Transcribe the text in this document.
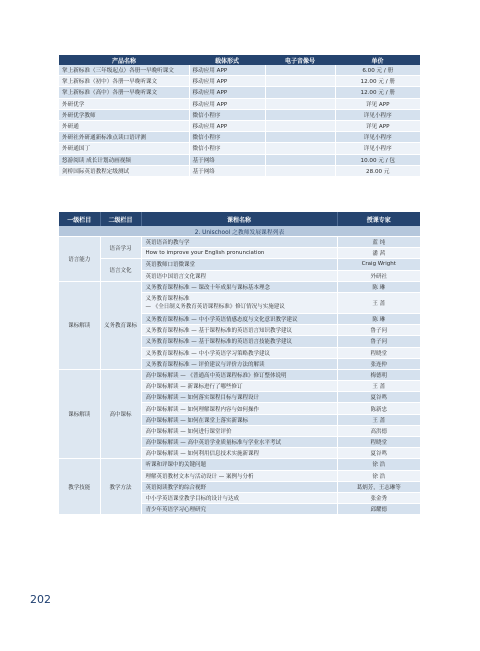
产品名称	载体形式	电子音像号	单价
掌上新标准（三年级起点）各册一早晚听课文	移动应用 APP		6.00 元 / 册
掌上新标准（初中）各册一早晚听课文	移动应用 APP		12.00 元 / 册
掌上新标准（高中）各册一早晚听课文	移动应用 APP		12.00 元 / 册
外研优学	移动应用 APP		详见 APP
外研优学教师	微信小程序		详见小程序
外研通	移动应用 APP		详见 APP
外研社外研通新标准点读口语评测	微信小程序		详见小程序
外研通国丁	微信小程序		详见小程序
悠游阅读 成长计划动画视频	基于网络		10.00 元 / 包
剑桥国际英语教程定级测试	基于网络		28.00 元
一级栏目	二级栏目	课程名称	授课专家
2. Unischool 之教师发展课程列表			
语言能力	语音学习	英语语音的教与学	蓝 纯
		How to improve your English pronunciation	潘 茜
	语言文化	英语教师口语微课堂	Craig Wright
		英语语中国语言文化课程	外研社
课标解读	义务教育课标	义务教育课程标准 — 课改十年成果与课标基本理念	陈 琳
		义务教育课程标准
— 《全日制义务教育英语课程标准》修订情况与实施建议	王 蔷
		义务教育课程标准 — 中小学英语情感态度与文化意识教学建议	陈 琳
		义务教育课程标准 — 基于课程标准的英语语言知识教学建议	鲁子问
		义务教育课程标准 — 基于课程标准的英语语言技能教学建议	鲁子问
		义务教育课程标准 — 中小学英语学习策略教学建议	程晓堂
		义务教育课程标准 — 评价建议与评价方法的解读	张连仲
课标解读	高中课标	高中课标解读 — 《普通高中英语课程标准》修订整体说明	梅德明
		高中课标解读 — 新课标进行了哪些修订	王 蔷
		高中课标解读 — 如何落实课程目标与课程设计	夏谷鸣
		高中课标解读 — 如何理解课程内容与如何操作	陈新忠
		高中课标解读 — 如何在课堂上落实新课标	王 蔷
		高中课标解读 — 如何进行课堂评价	高洪德
		高中课标解读 — 高中英语学业质量标准与学业水平考试	程晓堂
		高中课标解读 — 如何利用信息技术实施新课程	夏谷鸣
教学技能	教学方法	听课和评课中的关键问题	徐 浩
		理解英语教材文本与活动设计 — 案例与分析	徐 浩
		英语阅读教学的综合视野	葛炳芳，王志琳等
		中小学英语课堂教学目标的设计与达成	张金秀
		青少年英语学习心理研究	邱耀德
202
